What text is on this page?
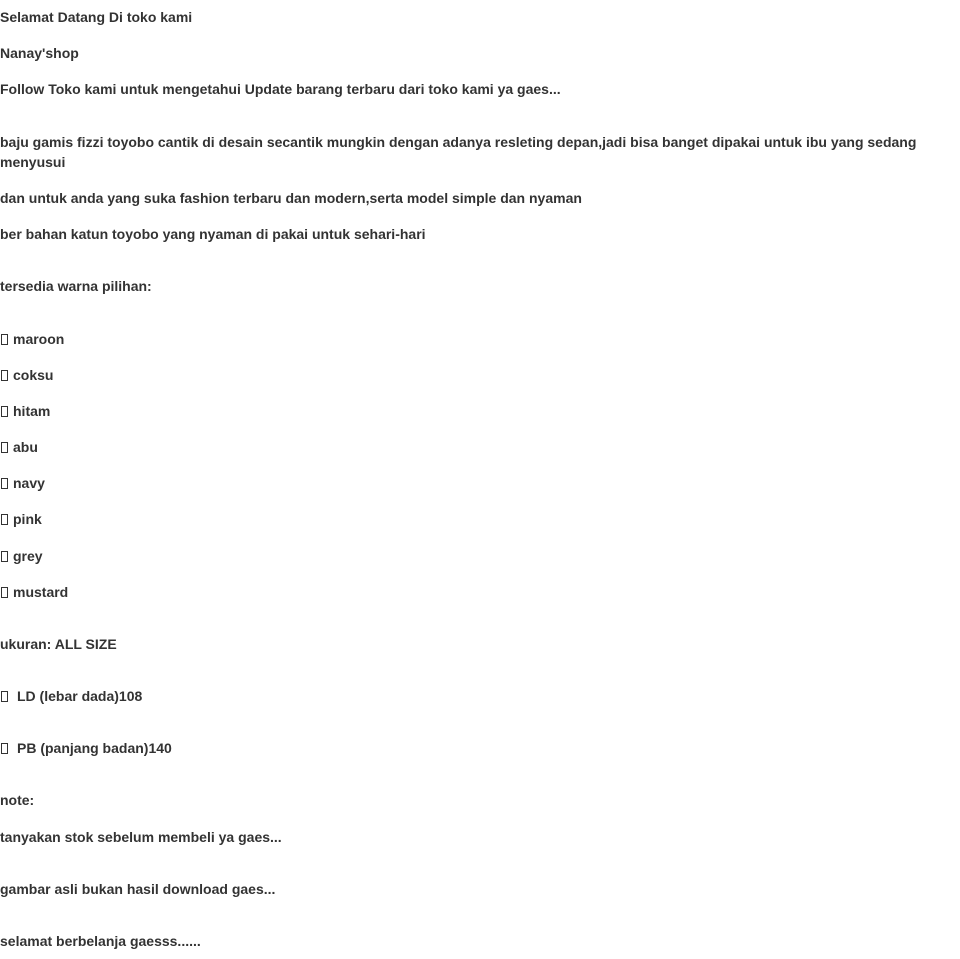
Selamat Datang Di toko kami
Nanay'shop
Follow Toko kami untuk mengetahui Update barang terbaru dari toko kami ya gaes...
baju gamis fizzi toyobo cantik di desain secantik mungkin dengan adanya resleting depan,jadi bisa banget dipakai untuk ibu yang sedang menyusui
dan untuk anda yang suka fashion terbaru dan modern,serta model simple dan nyaman
ber bahan katun toyobo yang nyaman di pakai untuk sehari-hari
tersedia warna pilihan:
maroon
coksu
hitam
abu
navy
pink
grey
mustard
ukuran: ALL SIZE
LD (lebar dada)108
PB (panjang badan)140
note:
tanyakan stok sebelum membeli ya gaes...
gambar asli bukan hasil download gaes...
selamat berbelanja gaesss......
